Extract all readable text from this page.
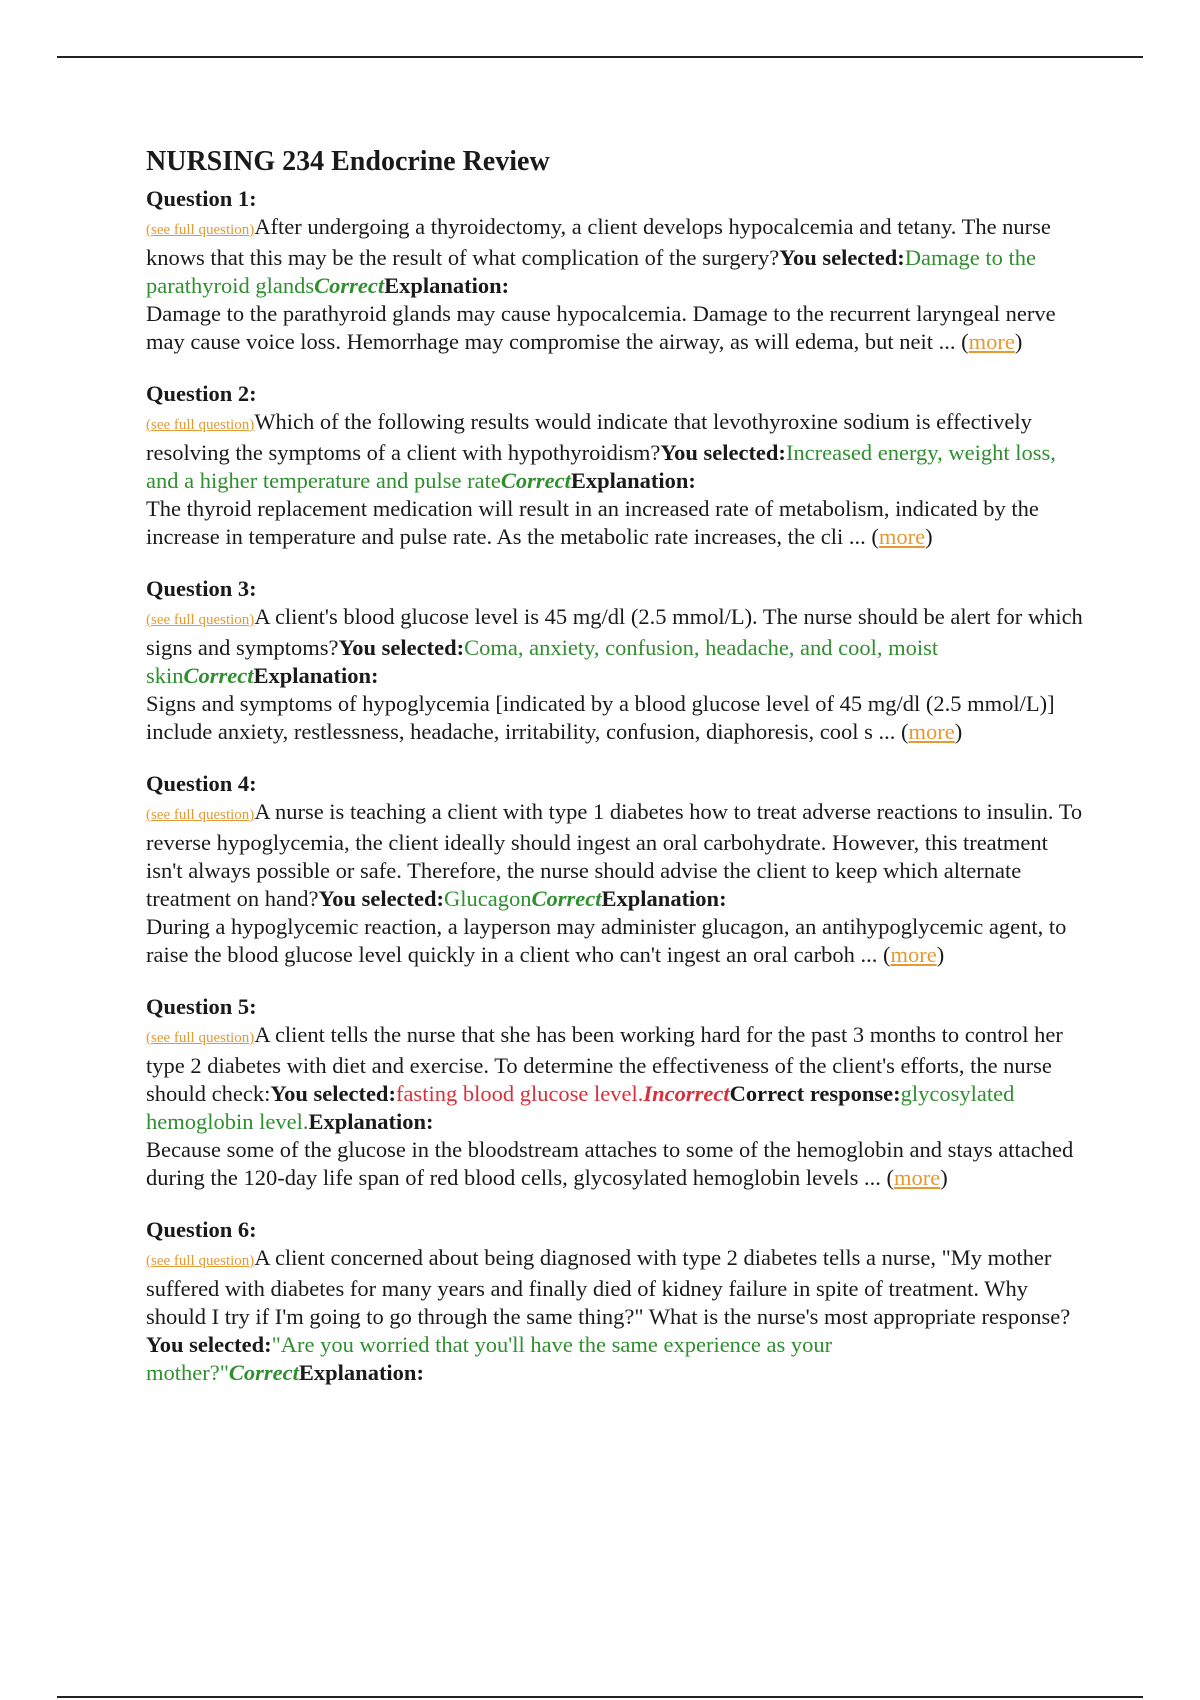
NURSING 234 Endocrine Review

Question 1:

(see full question)After undergoing a thyroidectomy, a client develops hypocalcemia and tetany. The nurse knows that this may be the result of what complication of the surgery?You selected:Damage to the parathyroid glandsCorrectExplanation:

Damage to the parathyroid glands may cause hypocalcemia. Damage to the recurrent laryngeal nerve may cause voice loss. Hemorrhage may compromise the airway, as will edema, but neit ... (more)

Question 2:

(see full question)Which of the following results would indicate that levothyroxine sodium is effectively resolving the symptoms of a client with hypothyroidism?You selected:Increased energy, weight loss, and a higher temperature and pulse rateCorrectExplanation:

The thyroid replacement medication will result in an increased rate of metabolism, indicated by the increase in temperature and pulse rate. As the metabolic rate increases, the cli ... (more)

Question 3:

(see full question)A client's blood glucose level is 45 mg/dl (2.5 mmol/L). The nurse should be alert for which signs and symptoms?You selected:Coma, anxiety, confusion, headache, and cool, moist skinCorrectExplanation:

Signs and symptoms of hypoglycemia [indicated by a blood glucose level of 45 mg/dl (2.5 mmol/L)] include anxiety, restlessness, headache, irritability, confusion, diaphoresis, cool s ... (more)

Question 4:

(see full question)A nurse is teaching a client with type 1 diabetes how to treat adverse reactions to insulin. To reverse hypoglycemia, the client ideally should ingest an oral carbohydrate. However, this treatment isn't always possible or safe. Therefore, the nurse should advise the client to keep which alternate treatment on hand?You selected:GlucagonCorrectExplanation:

During a hypoglycemic reaction, a layperson may administer glucagon, an antihypoglycemic agent, to raise the blood glucose level quickly in a client who can't ingest an oral carboh ... (more)

Question 5:

(see full question)A client tells the nurse that she has been working hard for the past 3 months to control her type 2 diabetes with diet and exercise. To determine the effectiveness of the client's efforts, the nurse should check:You selected:fasting blood glucose level.IncorrectCorrect response:glycosylated hemoglobin level.Explanation:

Because some of the glucose in the bloodstream attaches to some of the hemoglobin and stays attached during the 120-day life span of red blood cells, glycosylated hemoglobin levels ... (more)

Question 6:

(see full question)A client concerned about being diagnosed with type 2 diabetes tells a nurse, "My mother suffered with diabetes for many years and finally died of kidney failure in spite of treatment. Why should I try if I'm going to go through the same thing?" What is the nurse's most appropriate response?You selected:"Are you worried that you'll have the same experience as your mother?"CorrectExplanation:
